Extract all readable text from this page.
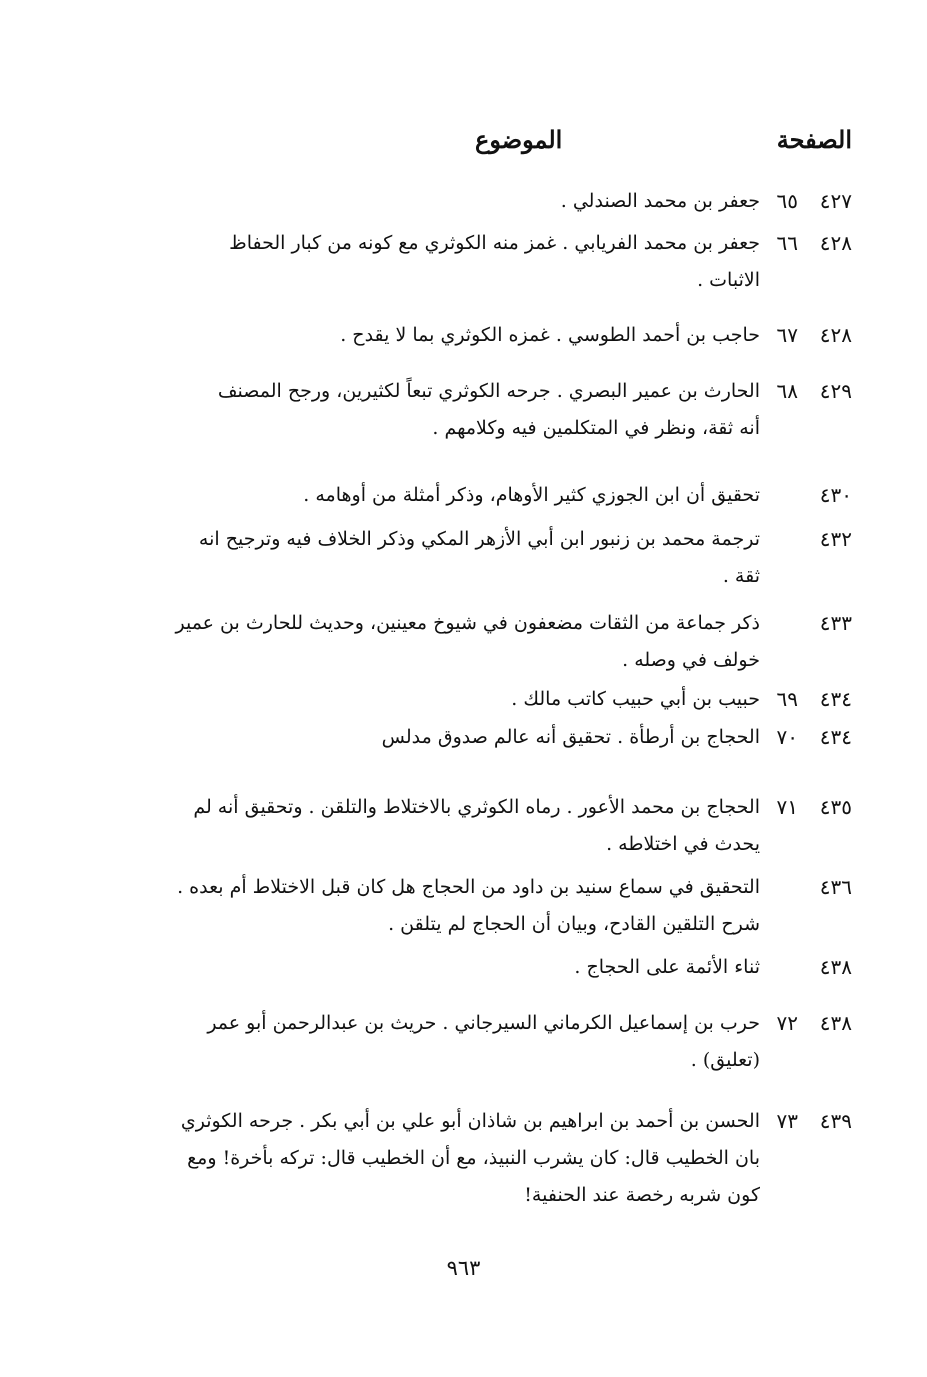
الصفحة
الموضوع
٤٢٧
٦٥
جعفر بن محمد الصندلي .
٤٢٨
٦٦
جعفر بن محمد الفريابي . غمز منه الكوثري مع كونه من كبار الحفاظ
الاثبات .
٤٢٨
٦٧
حاجب بن أحمد الطوسي . غمزه الكوثري بما لا يقدح .
٤٢٩
٦٨
الحارث بن عمير البصري . جرحه الكوثري تبعاً لكثيرين، ورجح المصنف
أنه ثقة، ونظر في المتكلمين فيه وكلامهم .
٤٣٠
تحقيق أن ابن الجوزي كثير الأوهام، وذكر أمثلة من أوهامه .
٤٣٢
ترجمة محمد بن زنبور ابن أبي الأزهر المكي وذكر الخلاف فيه وترجيح انه
ثقة .
٤٣٣
ذكر جماعة من الثقات مضعفون في شيوخ معينين، وحديث للحارث بن عمير
خولف في وصله .
٤٣٤
٦٩
حبيب بن أبي حبيب كاتب مالك .
٤٣٤
٧٠
الحجاج بن أرطأة . تحقيق أنه عالم صدوق مدلس
٤٣٥
٧١
الحجاج بن محمد الأعور . رماه الكوثري بالاختلاط والتلقن . وتحقيق أنه لم
يحدث في اختلاطه .
٤٣٦
التحقيق في سماع سنيد بن داود من الحجاج هل كان قبل الاختلاط أم بعده .
شرح التلقين القادح، وبيان أن الحجاج لم يتلقن .
٤٣٨
ثناء الأئمة على الحجاج .
٤٣٨
٧٢
حرب بن إسماعيل الكرماني السيرجاني . حريث بن عبدالرحمن أبو عمر
(تعليق) .
٤٣٩
٧٣
الحسن بن أحمد بن ابراهيم بن شاذان أبو علي بن أبي بكر . جرحه الكوثري
بان الخطيب قال: كان يشرب النبيذ، مع أن الخطيب قال: تركه بأخرة! ومع
كون شربه رخصة عند الحنفية!
٩٦٣
